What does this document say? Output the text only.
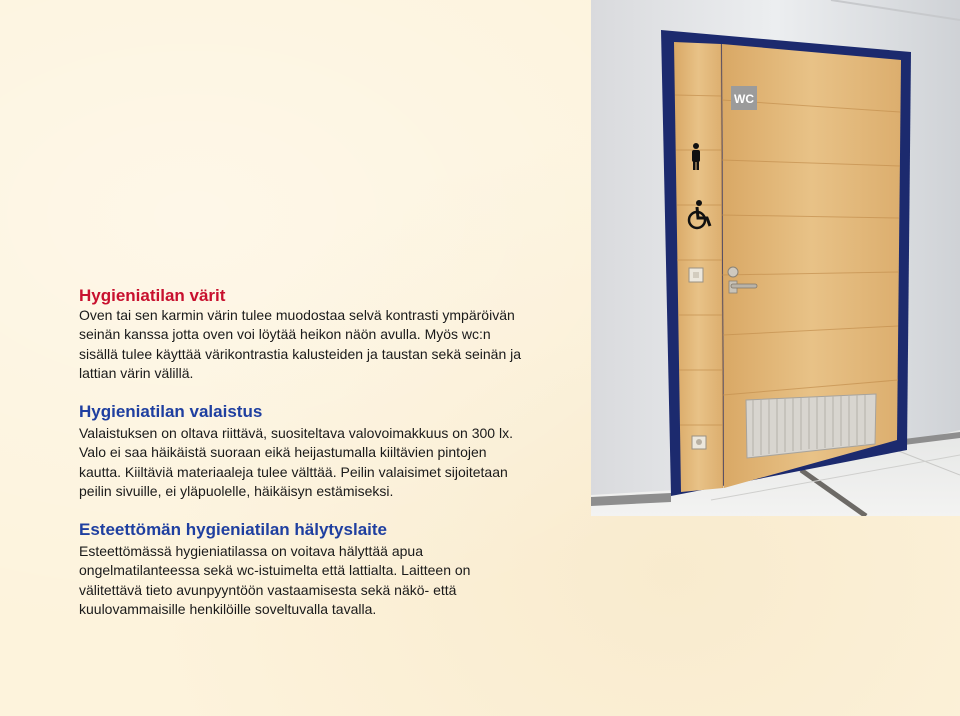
Hygieniatilan värit
Oven tai sen karmin värin tulee muodostaa selvä kontrasti ympäröivän
seinän kanssa jotta oven voi löytää heikon näön avulla. Myös wc:n
sisällä tulee käyttää värikontrastia kalusteiden ja taustan sekä seinän ja
lattian värin välillä.
Hygieniatilan valaistus
Valaistuksen on oltava riittävä, suositeltava valovoimakkuus on 300 lx.
Valo ei saa häikäistä suoraan eikä heijastumalla kiiltävien pintojen
kautta. Kiiltäviä materiaaleja tulee välttää. Peilin valaisimet sijoitetaan
peilin sivuille, ei yläpuolelle, häikäisyn estämiseksi.
Esteettömän hygieniatilan hälytyslaite
Esteettömässä hygieniatilassa on voitava hälyttää apua
ongelmatilanteessa sekä wc-istuimelta että lattialta. Laitteen on
välitettävä tieto avunpyyntöön vastaamisesta sekä näkö- että
kuulovammaisille henkilöille soveltuvalla tavalla.
WC
